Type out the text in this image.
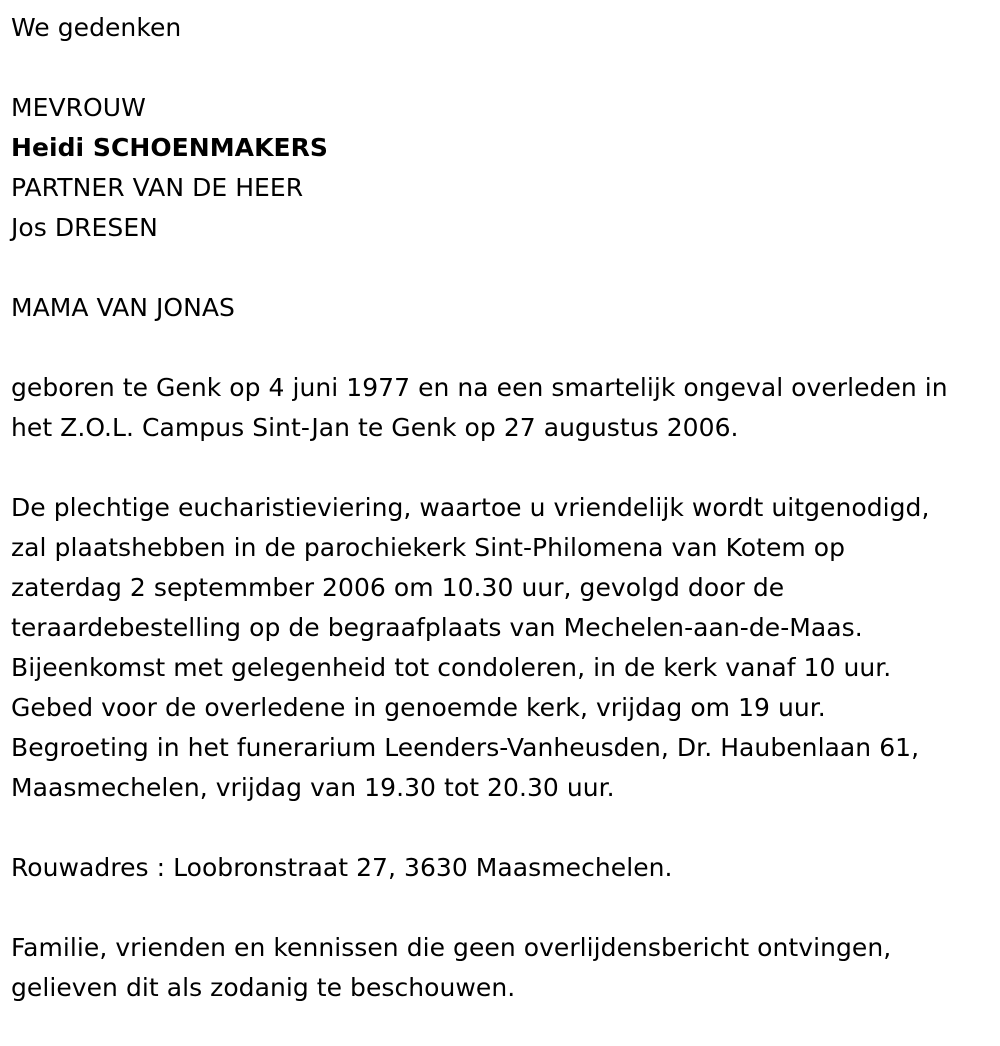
We gedenken
MEVROUW
Heidi SCHOENMAKERS
PARTNER VAN DE HEER
Jos DRESEN
MAMA VAN JONAS
geboren te Genk op 4 juni 1977 en na een smartelijk ongeval overleden in
het Z.O.L. Campus Sint-Jan te Genk op 27 augustus 2006.
De plechtige eucharistieviering, waartoe u vriendelijk wordt uitgenodigd,
zal plaatshebben in de parochiekerk Sint-Philomena van Kotem op
zaterdag 2 septemmber 2006 om 10.30 uur, gevolgd door de
teraardebestelling op de begraafplaats van Mechelen-aan-de-Maas.
Bijeenkomst met gelegenheid tot condoleren, in de kerk vanaf 10 uur.
Gebed voor de overledene in genoemde kerk, vrijdag om 19 uur.
Begroeting in het funerarium Leenders-Vanheusden, Dr. Haubenlaan 61,
Maasmechelen, vrijdag van 19.30 tot 20.30 uur.
Rouwadres : Loobronstraat 27, 3630 Maasmechelen.
Familie, vrienden en kennissen die geen overlijdensbericht ontvingen,
gelieven dit als zodanig te beschouwen.
